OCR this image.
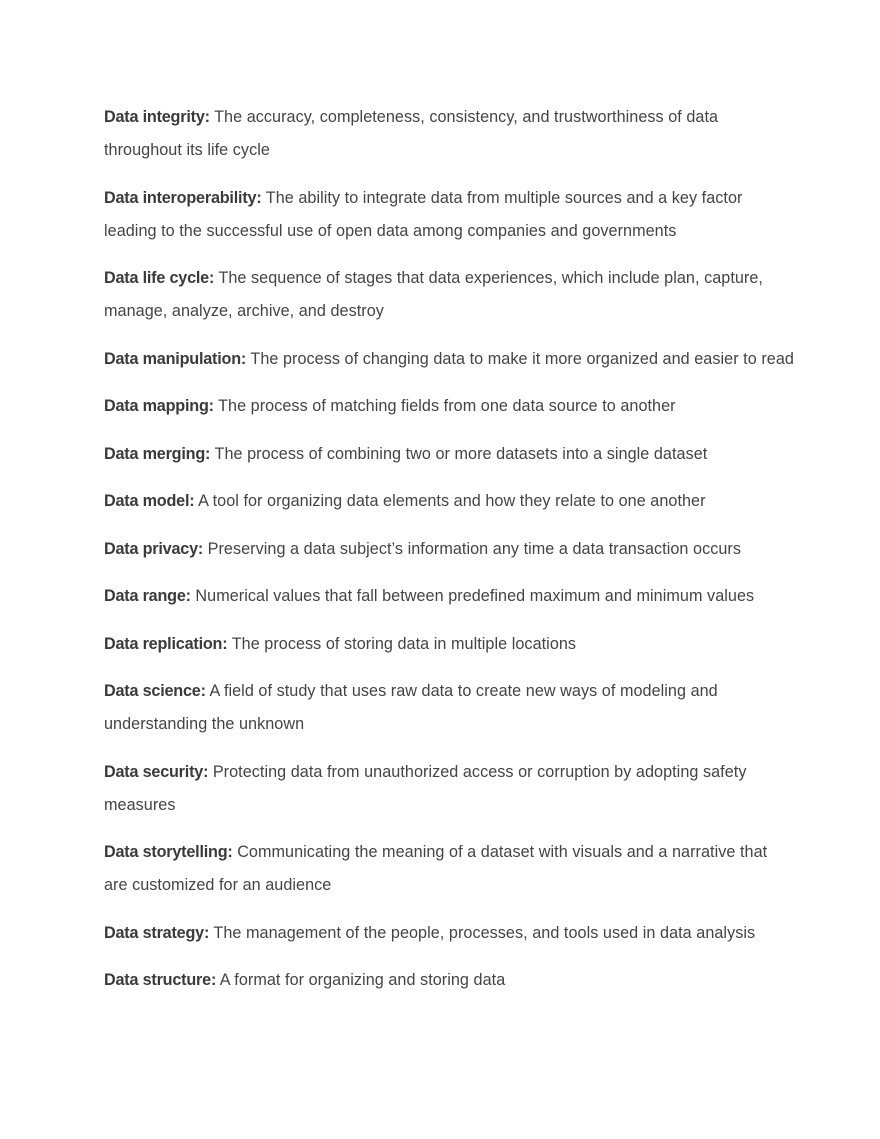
Data integrity: The accuracy, completeness, consistency, and trustworthiness of data throughout its life cycle

Data interoperability: The ability to integrate data from multiple sources and a key factor leading to the successful use of open data among companies and governments

Data life cycle: The sequence of stages that data experiences, which include plan, capture, manage, analyze, archive, and destroy

Data manipulation: The process of changing data to make it more organized and easier to read

Data mapping: The process of matching fields from one data source to another

Data merging: The process of combining two or more datasets into a single dataset

Data model: A tool for organizing data elements and how they relate to one another

Data privacy: Preserving a data subject’s information any time a data transaction occurs

Data range: Numerical values that fall between predefined maximum and minimum values

Data replication: The process of storing data in multiple locations

Data science: A field of study that uses raw data to create new ways of modeling and understanding the unknown

Data security: Protecting data from unauthorized access or corruption by adopting safety measures

Data storytelling: Communicating the meaning of a dataset with visuals and a narrative that are customized for an audience

Data strategy: The management of the people, processes, and tools used in data analysis

Data structure: A format for organizing and storing data
